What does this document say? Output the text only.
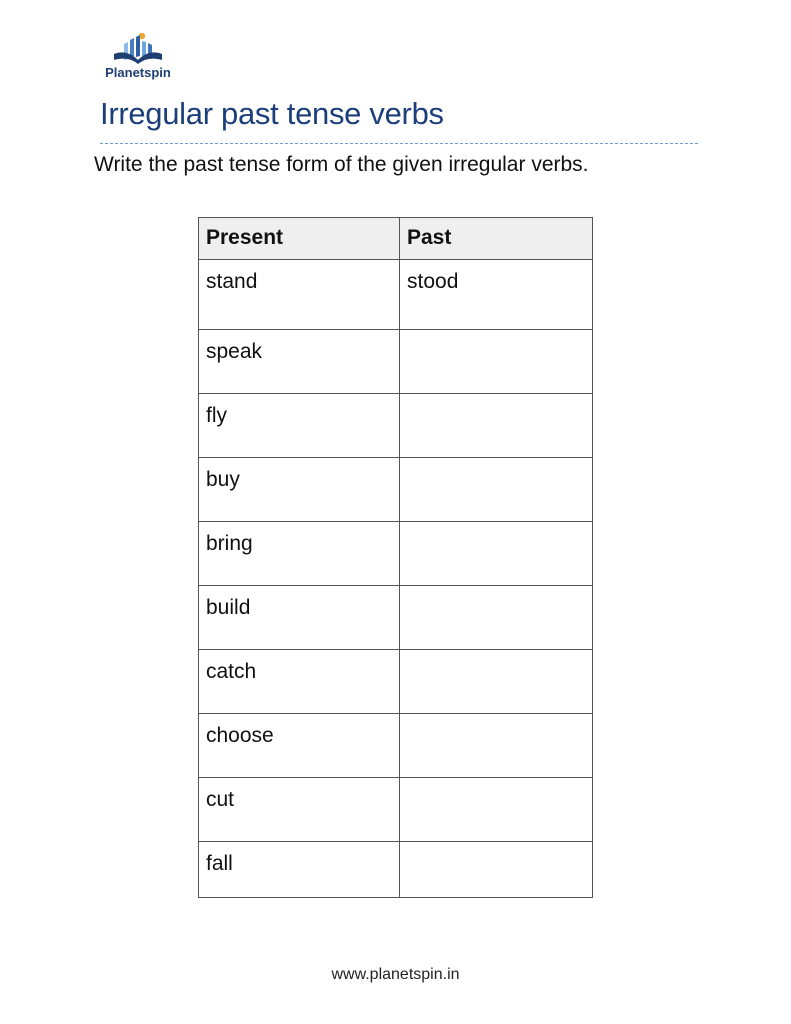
Planetspin
Irregular past tense verbs

Write the past tense form of the given irregular verbs.

Present	Past
stand	stood
speak	
fly	
buy	
bring	
build	
catch	
choose	
cut	
fall	
www.planetspin.in
